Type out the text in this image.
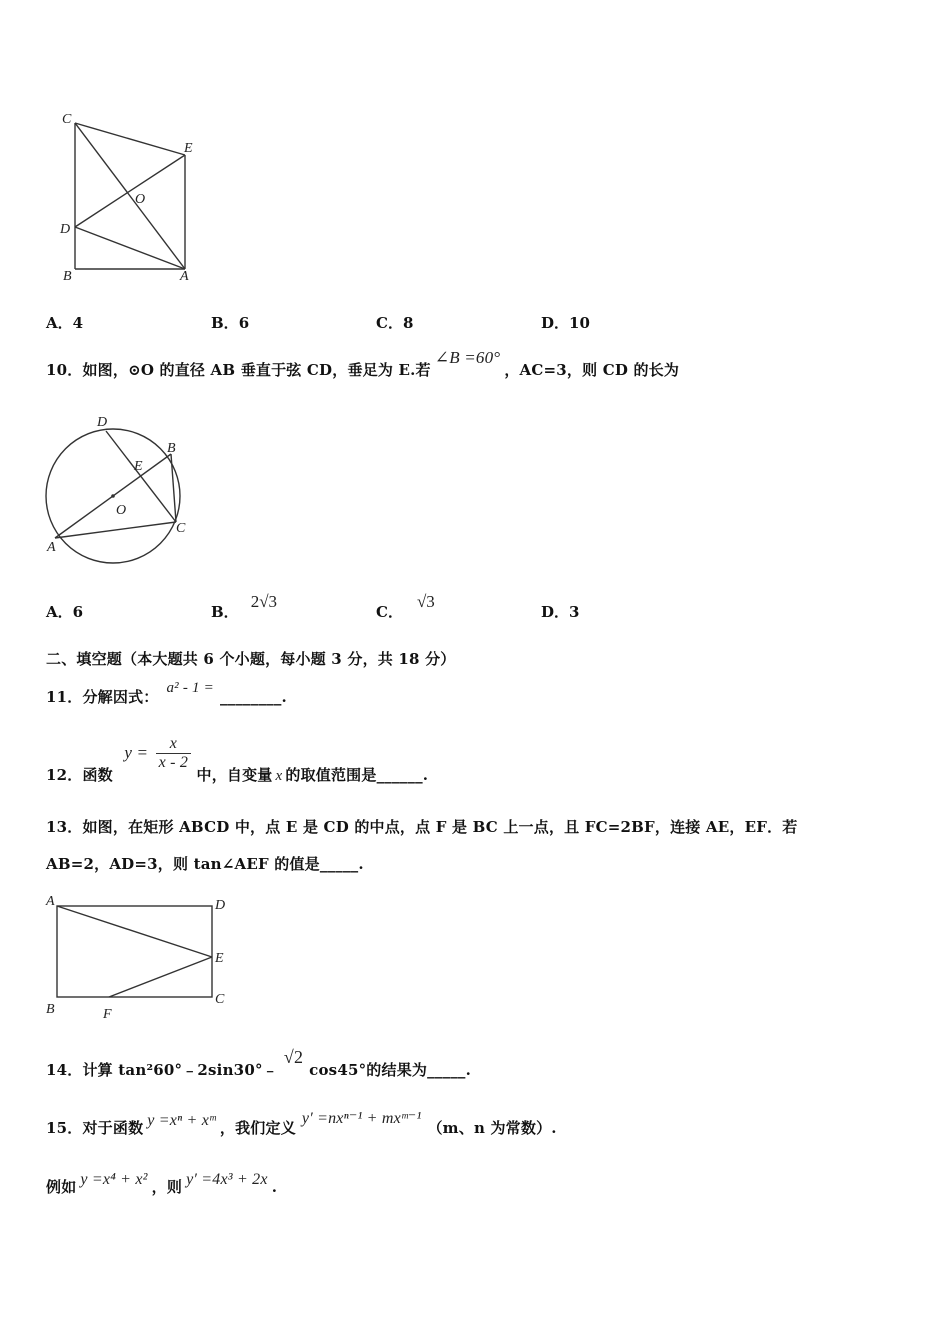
C
E
O
D
B	A
A．4	B．6	C．8	D．10
10．如图，⊙O 的直径 AB 垂直于弦 CD，垂足为 E.若∠B =60°，AC=3，则 CD 的长为
D
B
E
O
A
C
A．6	B．2√3
C．√3
D．3
二、填空题（本大题共 6 个小题，每小题 3 分，共 18 分）
11．分解因式： a² - 1 = ________.
12．函数 $y = \frac{x}{x - 2}$
中，自变量 x 的取值范围是______.
13．如图，在矩形 ABCD 中，点 E 是 CD 的中点，点 F 是 BC 上一点，且 FC=2BF，连接 AE，EF．若
AB=2，AD=3，则 tan∠AEF 的值是_____.
A	D
E
B	F
C
14．计算 tan²60°﹣2sin30°﹣√2cos45°的结果为_____.
15．对于函数 y =xⁿ + xᵐ ，我们定义y′ =nxⁿ⁻¹ + mxᵐ⁻¹（m、n 为常数）.
例如 y =x⁴ + x² ，则 y′ =4x³ + 2x .
